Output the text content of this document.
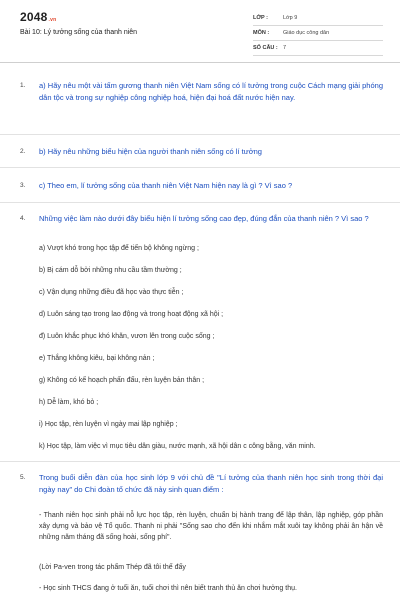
2048.vn
Bài 10: Lý tưởng sống của thanh niên
LỚP :	Lớp 9
MÔN :	Giáo dục công dân
SỐ CÂU : 7
1. a) Hãy nêu một vài tấm gương thanh niên Việt Nam sống có lí tưởng trong cuộc Cách mạng giải phóng dân tộc và trong sự nghiệp công nghiệp hoá, hiện đại hoá đất nước hiện nay.
2. b) Hãy nêu những biểu hiện của người thanh niên sống có lí tưởng
3. c) Theo em, lí tưởng sống của thanh niên Việt Nam hiện nay là gì ? Vì sao ?
4. Những việc làm nào dưới đây biểu hiện lí tưởng sống cao đẹp, đúng đắn của thanh niên ? Vì sao ?
a) Vượt khó trong học tập để tiến bộ không ngừng ;
b) Bị cám dỗ bởi những nhu cầu tầm thường ;
c) Vận dụng những điều đã học vào thực tiễn ;
d) Luôn sáng tạo trong lao động và trong hoạt động xã hội ;
đ) Luôn khắc phục khó khăn, vươn lên trong cuộc sống ;
e) Thắng không kiêu, bại không nản ;
g) Không có kế hoạch phấn đấu, rèn luyện bản thân ;
h) Dễ làm, khó bỏ ;
i) Học tập, rèn luyện vì ngày mai lập nghiệp ;
k) Học tập, làm việc vì mục tiêu dân giàu, nước mạnh, xã hội dân c công bằng, văn minh.
5. Trong buổi diễn đàn của học sinh lớp 9 với chủ đề "Lí tưởng của thanh niên học sinh trong thời đại ngày nay" do Chi đoàn tổ chức đã nảy sinh quan điểm :
- Thanh niên học sinh phải nỗ lực học tập, rèn luyện, chuẩn bị hành trang để lập thân, lập nghiệp, góp phần xây dựng và bảo vệ Tổ quốc. Thanh ni phải "Sống sao cho đến khi nhắm mắt xuôi tay không phải ân hận về những năm tháng đã sống hoài, sống phí".
(Lời Pa-ven trong tác phẩm Thép đã tôi thế đấy
- Học sinh THCS đang ở tuổi ăn, tuổi chơi thì nên biết tranh thủ ăn chơi hưởng thụ.
